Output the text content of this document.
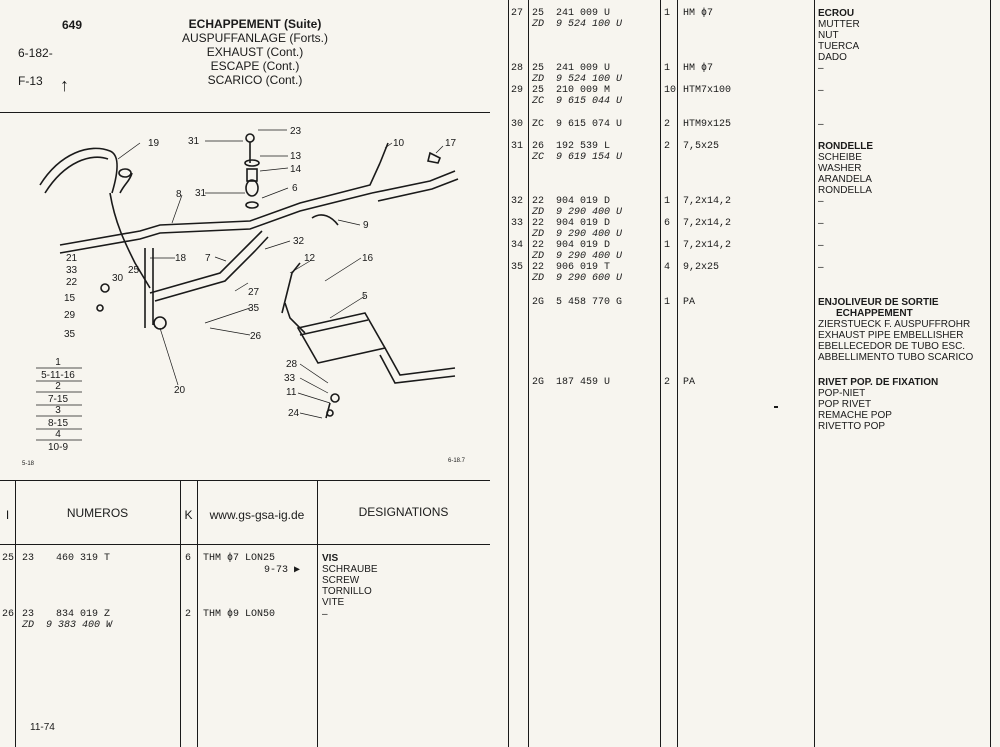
649
6-182-
F-13 ↑
ECHAPPEMENT (Suite)
AUSPUFFANLAGE (Forts.)
EXHAUST (Cont.)
ESCAPE (Cont.)
SCARICO (Cont.)
19	31
23
13
14
31	6
10	17
8
9
32
21	18
33
30
7	12	16
22
25
15
27	5
29
35
26
35
20
28
33
11
24
1
5-11-16
2
7-15
3
8-15
4
10-9
5-18	6-18.7
I	NUMEROS	K	www.gs-gsa-ig.de	DESIGNATIONS
25 23 460 319 T	6 THM ϕ7 LON25
9-73 ▶
VIS
SCHRAUBE
SCREW
TORNILLO
VITE
26 23 834 019 Z
ZD 9 383 400 W
2 THM ϕ9 LON50	–
11-74
27 25 241 009 U
ZD 9 524 100 U
1 HM ϕ7	ECROU
MUTTER
NUT
TUERCA
DADO
28 25 241 009 U
ZD 9 524 100 U
1 HM ϕ7	–
29 25 210 009 M
ZC 9 615 044 U
10 HTM7x100	–
30 ZC 9 615 074 U	2 HTM9x125	–
31 26 192 539 L
ZC 9 619 154 U
2 7,5x25	RONDELLE
SCHEIBE
WASHER
ARANDELA
RONDELLA
32 22 904 019 D
ZD 9 290 400 U
1 7,2x14,2	–
33 22 904 019 D
ZD 9 290 400 U
6 7,2x14,2	–
34 22 904 019 D
ZD 9 290 400 U
1 7,2x14,2	–
35 22 906 019 T
ZD 9 290 600 U
4 9,2x25	–
2G 5 458 770 G	1 PA	ENJOLIVEUR DE SORTIE
ECHAPPEMENT
ZIERSTUECK F. AUSPUFFROHR
EXHAUST PIPE EMBELLISHER
EBELLECEDOR DE TUBO ESC.
ABBELLIMENTO TUBO SCARICO
2G 187 459 U	2 PA	RIVET POP. DE FIXATION
POP-NIET
POP RIVET
REMACHE POP
RIVETTO POP
